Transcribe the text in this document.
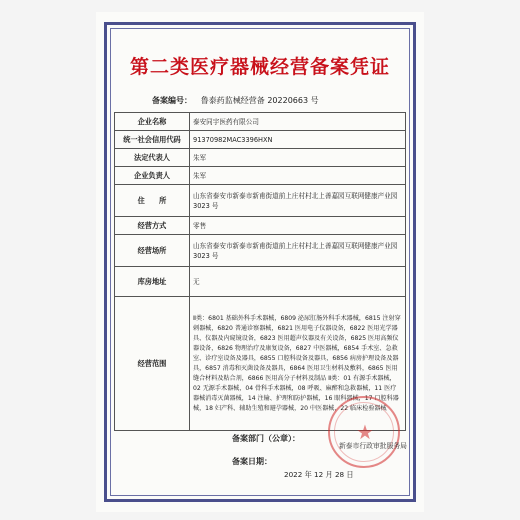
第二类医疗器械经营备案凭证
备案编号： 鲁泰药监械经营备 20220663 号
企业名称	泰安同宇医药有限公司
统一社会信用代码	91370982MAC3396HXN
法定代表人	朱军
企业负责人	朱军
住　　所	山东省泰安市新泰市新甫街道前上庄村村北上善嘉园互联网健康产业园 3023 号
经营方式	零售
经营场所	山东省泰安市新泰市新甫街道前上庄村村北上善嘉园互联网健康产业园 3023 号
库房地址	无
经营范围	Ⅱ类：6801 基础外科手术器械，6809 泌尿肛肠外科手术器械，6815 注射穿刺器械，6820 普通诊察器械，6821 医用电子仪器设备，6822 医用光学器具、仪器及内窥镜设备，6823 医用超声仪器及有关设备，6825 医用高频仪器设备，6826 物理治疗及康复设备，6827 中医器械，6854 手术室、急救室、诊疗室设备及器具，6855 口腔科设备及器具，6856 病房护理设备及器具，6857 消毒和灭菌设备及器具，6864 医用卫生材料及敷料，6865 医用缝合材料及粘合剂，6866 医用高分子材料及制品 Ⅱ类：01 有源手术器械，02 无源手术器械，04 骨科手术器械，08 呼吸、麻醉和急救器械，11 医疗器械消毒灭菌器械，14 注输、护理和防护器械，16 眼科器械，17 口腔科器械，18 妇产科、辅助生殖和避孕器械，20 中医器械，22 临床检验器械
★
备案部门（公章）：
新泰市行政审批服务局
备案日期：
2022 年 12 月 28 日
